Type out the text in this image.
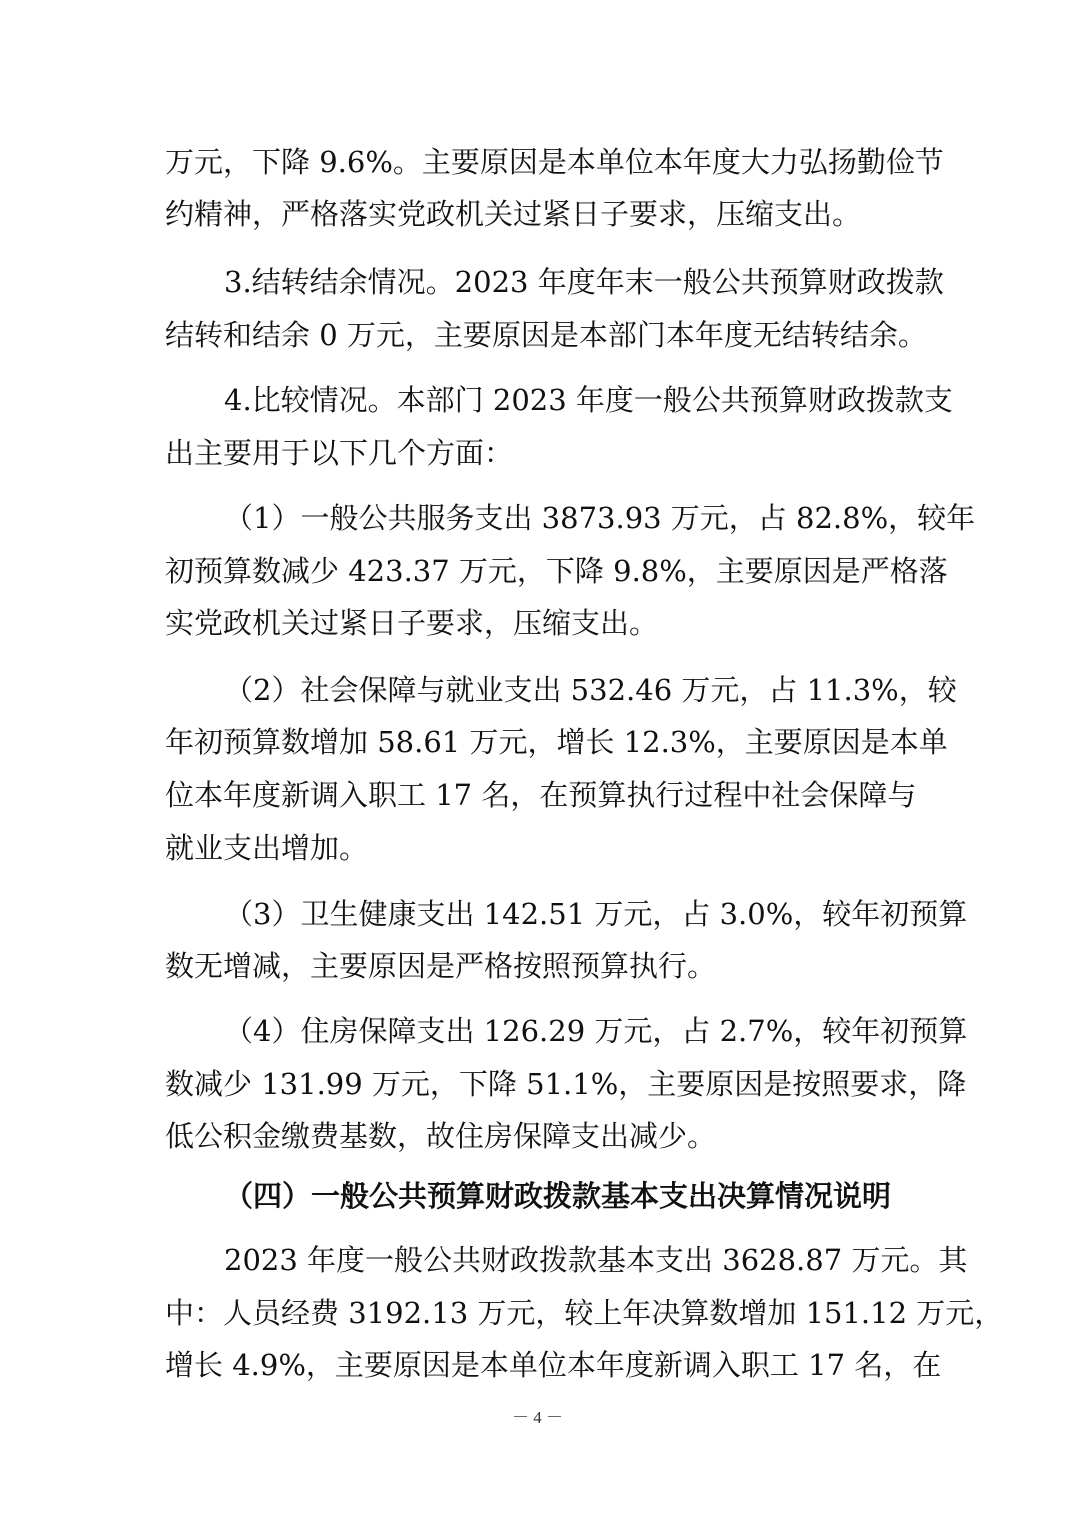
万元，下降 9.6%。主要原因是本单位本年度大力弘扬勤俭节
约精神，严格落实党政机关过紧日子要求，压缩支出。
3.结转结余情况。2023 年度年末一般公共预算财政拨款
结转和结余 0 万元，主要原因是本部门本年度无结转结余。
4.比较情况。本部门 2023 年度一般公共预算财政拨款支
出主要用于以下几个方面：
（1）一般公共服务支出 3873.93 万元，占 82.8%，较年
初预算数减少 423.37 万元，下降 9.8%，主要原因是严格落
实党政机关过紧日子要求，压缩支出。
（2）社会保障与就业支出 532.46 万元，占 11.3%，较
年初预算数增加 58.61 万元，增长 12.3%，主要原因是本单
位本年度新调入职工 17 名，在预算执行过程中社会保障与
就业支出增加。
（3）卫生健康支出 142.51 万元，占 3.0%，较年初预算
数无增减，主要原因是严格按照预算执行。
（4）住房保障支出 126.29 万元，占 2.7%，较年初预算
数减少 131.99 万元，下降 51.1%，主要原因是按照要求，降
低公积金缴费基数，故住房保障支出减少。
（四）一般公共预算财政拨款基本支出决算情况说明
2023 年度一般公共财政拨款基本支出 3628.87 万元。其
中：人员经费 3192.13 万元，较上年决算数增加 151.12 万元，
增长 4.9%，主要原因是本单位本年度新调入职工 17 名，在
－ 4 －
